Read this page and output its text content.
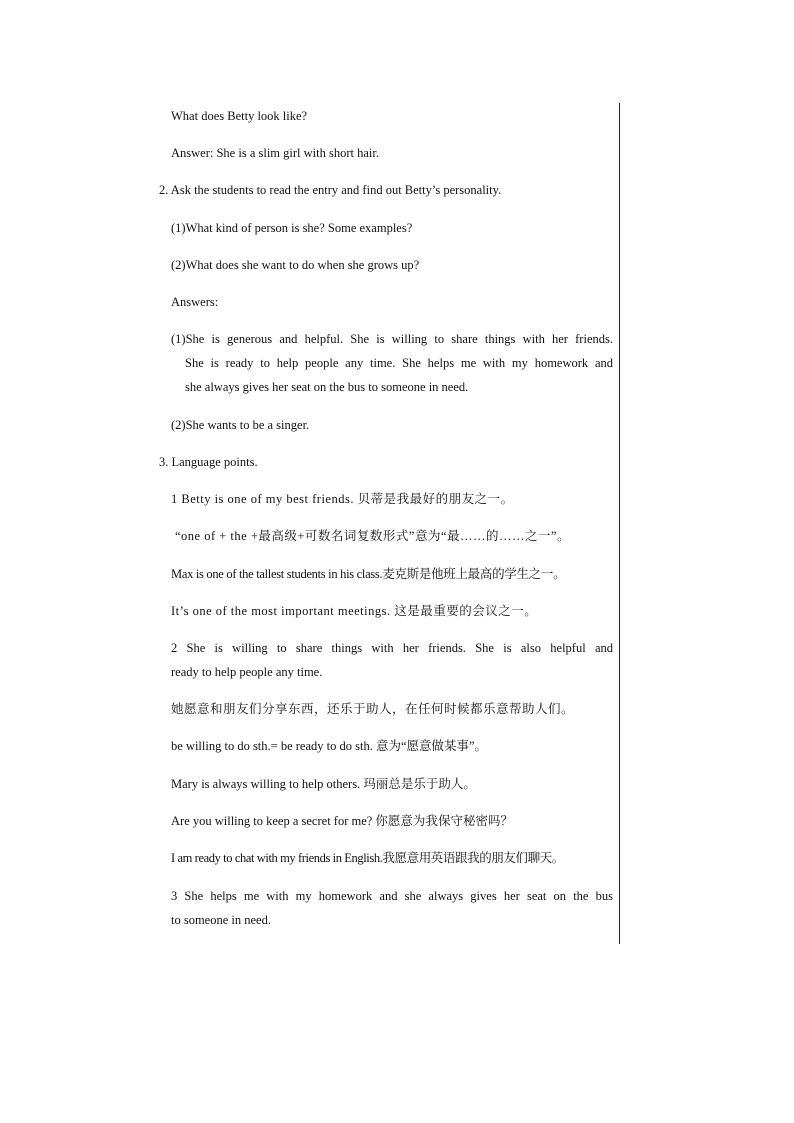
What does Betty look like?
Answer: She is a slim girl with short hair.
2. Ask the students to read the entry and find out Betty’s personality.
(1)What kind of person is she? Some examples?
(2)What does she want to do when she grows up?
Answers:
(1)She is generous and helpful. She is willing to share things with her friends.
She is ready to help people any time. She helps me with my homework and
she always gives her seat on the bus to someone in need.
(2)She wants to be a singer.
3. Language points.
1 Betty is one of my best friends. 贝蒂是我最好的朋友之一。
“one of + the +最高级+可数名词复数形式”意为“最……的……之一”。
Max is one of the tallest students in his class.麦克斯是他班上最高的学生之一。
It’s one of the most important meetings. 这是最重要的会议之一。
2 She is willing to share things with her friends. She is also helpful and
ready to help people any time.
她愿意和朋友们分享东西，还乐于助人，在任何时候都乐意帮助人们。
be willing to do sth.= be ready to do sth. 意为“愿意做某事”。
Mary is always willing to help others. 玛丽总是乐于助人。
Are you willing to keep a secret for me? 你愿意为我保守秘密吗？
I am ready to chat with my friends in English.我愿意用英语跟我的朋友们聊天。
3 She helps me with my homework and she always gives her seat on the bus
to someone in need.
